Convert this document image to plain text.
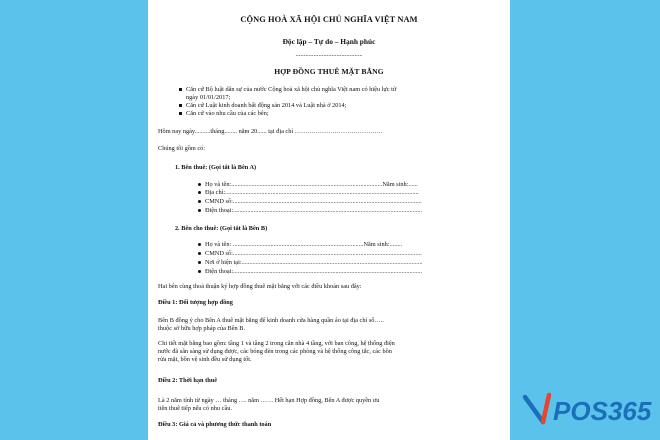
CỘNG HOÀ XÃ HỘI CHỦ NGHĨA VIỆT NAM
Độc lập – Tự do – Hạnh phúc
--------------------------
HỢP ĐỒNG THUÊ MẶT BẰNG
Căn cứ Bộ luật dân sự của nước Cộng hoà xã hội chủ nghĩa Việt nam có hiệu lực từ
ngày 01/01/2017;
Căn cứ Luật kinh doanh bất động sản 2014 và Luật nhà ở 2014;
Căn cứ vào nhu cầu của các bên;
Hôm nay ngày..........tháng........ năm 20...... tại địa chỉ ……………………………………
Chúng tôi gồm có:
1. Bên thuê: (Gọi tắt là Bên A)
Họ và tên:................................................................................................Năm sinh:......
Địa chỉ:...........................................................................................................................
CMND số:........................................................................................................................
Điện thoại:........................................................................................................................
2. Bên cho thuê: (Gọi tắt là Bên B)
Họ và tên: ...................................................................................Năm sinh:........
CMND số:........................................................................................................................
Nơi ở hiện tại:...................................................................................................................
Điện thoại:........................................................................................................................
Hai bên cùng thoả thuận ký hợp đồng thuê mặt bằng với các điều khoản sau đây:
Điều 1: Đối tượng hợp đồng
Bên B đồng ý cho Bên A thuê mặt bằng để kinh doanh cửa hàng quần áo tại địa chỉ số…..
thuộc sở hữu hợp pháp của Bên B.
Chi tiết mặt bằng bao gồm: tầng 1 và tầng 2 trong căn nhà 4 tầng, với ban công, hệ thống điện
nước đã sẵn sàng sử dụng được, các bóng đèn trong các phòng và hệ thống công tắc, các bồn
rửa mặt, bồn vệ sinh đều sử dụng tốt.
Điều 2: Thời hạn thuê
Là 2 năm tính từ ngày … tháng …. năm …… Hết hạn Hợp đồng, Bên A được quyền ưu
tiên thuê tiếp nếu có nhu cầu.
Điều 3: Giá cả và phương thức thanh toán	POS365
